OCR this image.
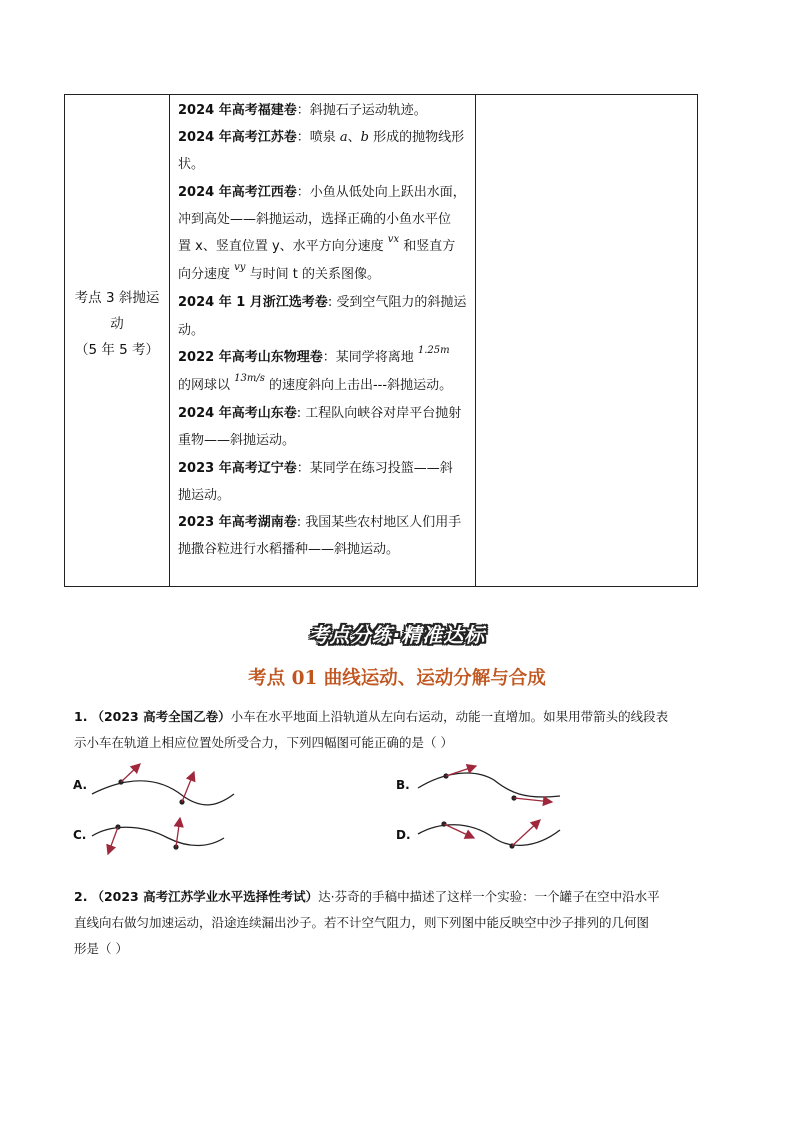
考点 3 斜抛运
动
（5 年 5 考）
2024 年高考福建卷：斜抛石子运动轨迹。
2024 年高考江苏卷：喷泉 a、b 形成的抛物线形
状。
2024 年高考江西卷：小鱼从低处向上跃出水面，
冲到高处——斜抛运动，选择正确的小鱼水平位
置 x、竖直位置 y、水平方向分速度 $^{vx}$ 和竖直方
向分速度 $^{vy}$ 与时间 t 的关系图像。
2024 年 1 月浙江选考卷: 受到空气阻力的斜抛运
动。
2022 年高考山东物理卷：某同学将离地 $^{1.25m}$
的网球以 $^{13m/s}$ 的速度斜向上击出---斜抛运动。
2024 年高考山东卷: 工程队向峡谷对岸平台抛射
重物——斜抛运动。
2023 年高考辽宁卷：某同学在练习投篮——斜
抛运动。
2023 年高考湖南卷: 我国某些农村地区人们用手
抛撒谷粒进行水稻播种——斜抛运动。
考点分练·精准达标
考点 01 曲线运动、运动分解与合成
1. （2023 高考全国乙卷）小车在水平地面上沿轨道从左向右运动，动能一直增加。如果用带箭头的线段表
示小车在轨道上相应位置处所受合力，下列四幅图可能正确的是（ ）
A.	B.
C.	D.
2. （2023 高考江苏学业水平选择性考试）达·芬奇的手稿中描述了这样一个实验：一个罐子在空中沿水平
直线向右做匀加速运动，沿途连续漏出沙子。若不计空气阻力，则下列图中能反映空中沙子排列的几何图
形是（ ）
